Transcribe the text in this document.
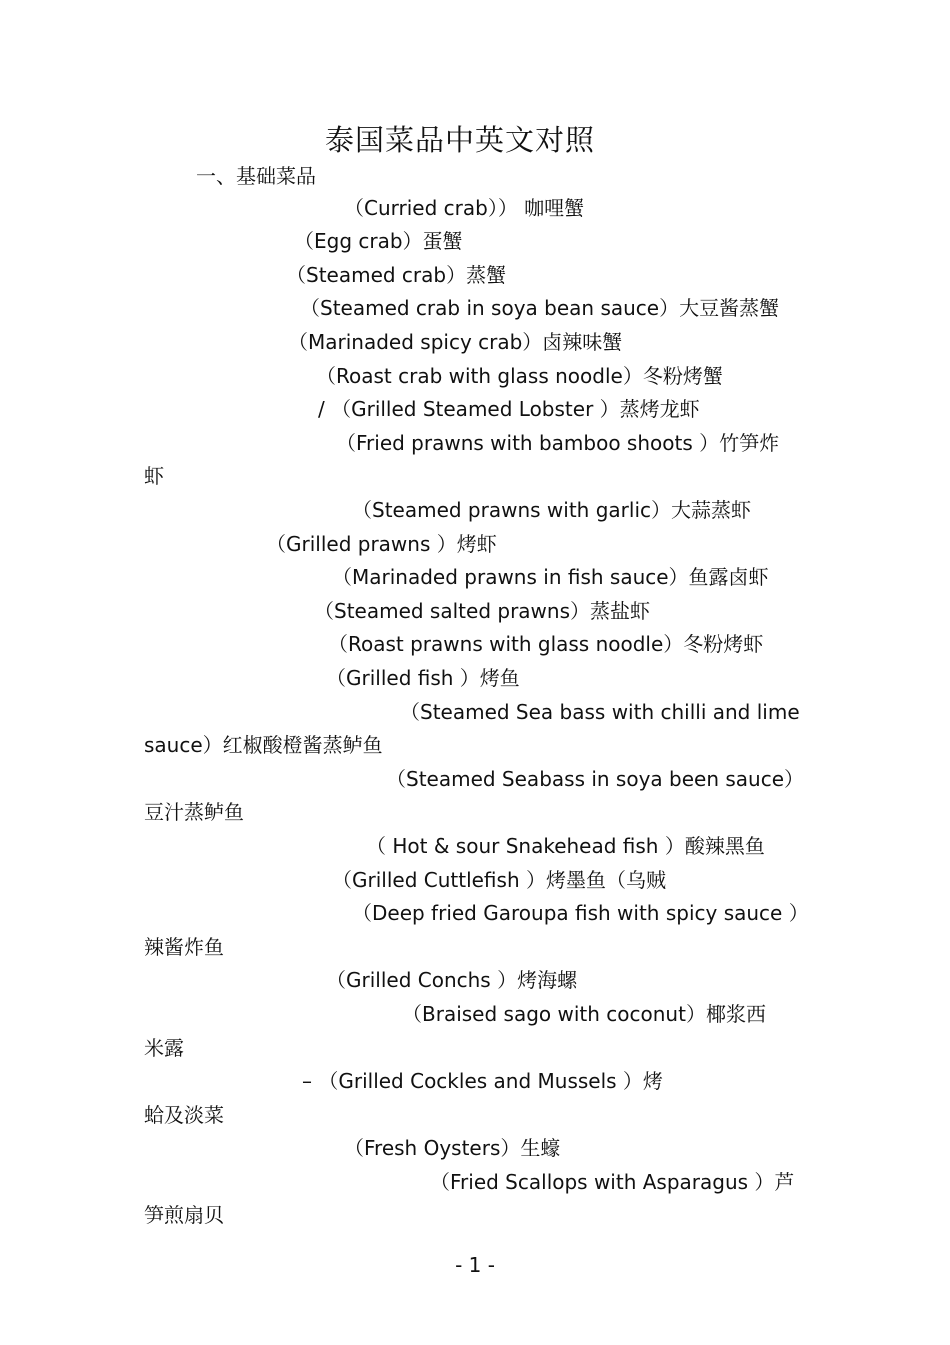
泰国菜品中英文对照
一、基础菜品
（Curried crab）） 咖哩蟹
（Egg crab）蛋蟹
（Steamed crab）蒸蟹
（Steamed crab in soya bean sauce）大豆酱蒸蟹
（Marinaded spicy crab）卤辣味蟹
（Roast crab with glass noodle）冬粉烤蟹
/ （Grilled Steamed Lobster ）蒸烤龙虾
（Fried prawns with bamboo shoots ）竹笋炸
虾
（Steamed prawns with garlic）大蒜蒸虾
（Grilled prawns ）烤虾
（Marinaded prawns in fish sauce）鱼露卤虾
（Steamed salted prawns）蒸盐虾
（Roast prawns with glass noodle）冬粉烤虾
（Grilled fish ）烤鱼
（Steamed Sea bass with chilli and lime
sauce）红椒酸橙酱蒸鲈鱼
（Steamed Seabass in soya been sauce）
豆汁蒸鲈鱼
（ Hot & sour Snakehead fish ）酸辣黑鱼
（Grilled Cuttlefish ）烤墨鱼（乌贼
（Deep fried Garoupa fish with spicy sauce ）
辣酱炸鱼
（Grilled Conchs ）烤海螺
（Braised sago with coconut）椰浆西
米露
– （Grilled Cockles and Mussels ）烤
蛤及淡菜
（Fresh Oysters）生蠔
（Fried Scallops with Asparagus ）芦
笋煎扇贝
- 1 -
